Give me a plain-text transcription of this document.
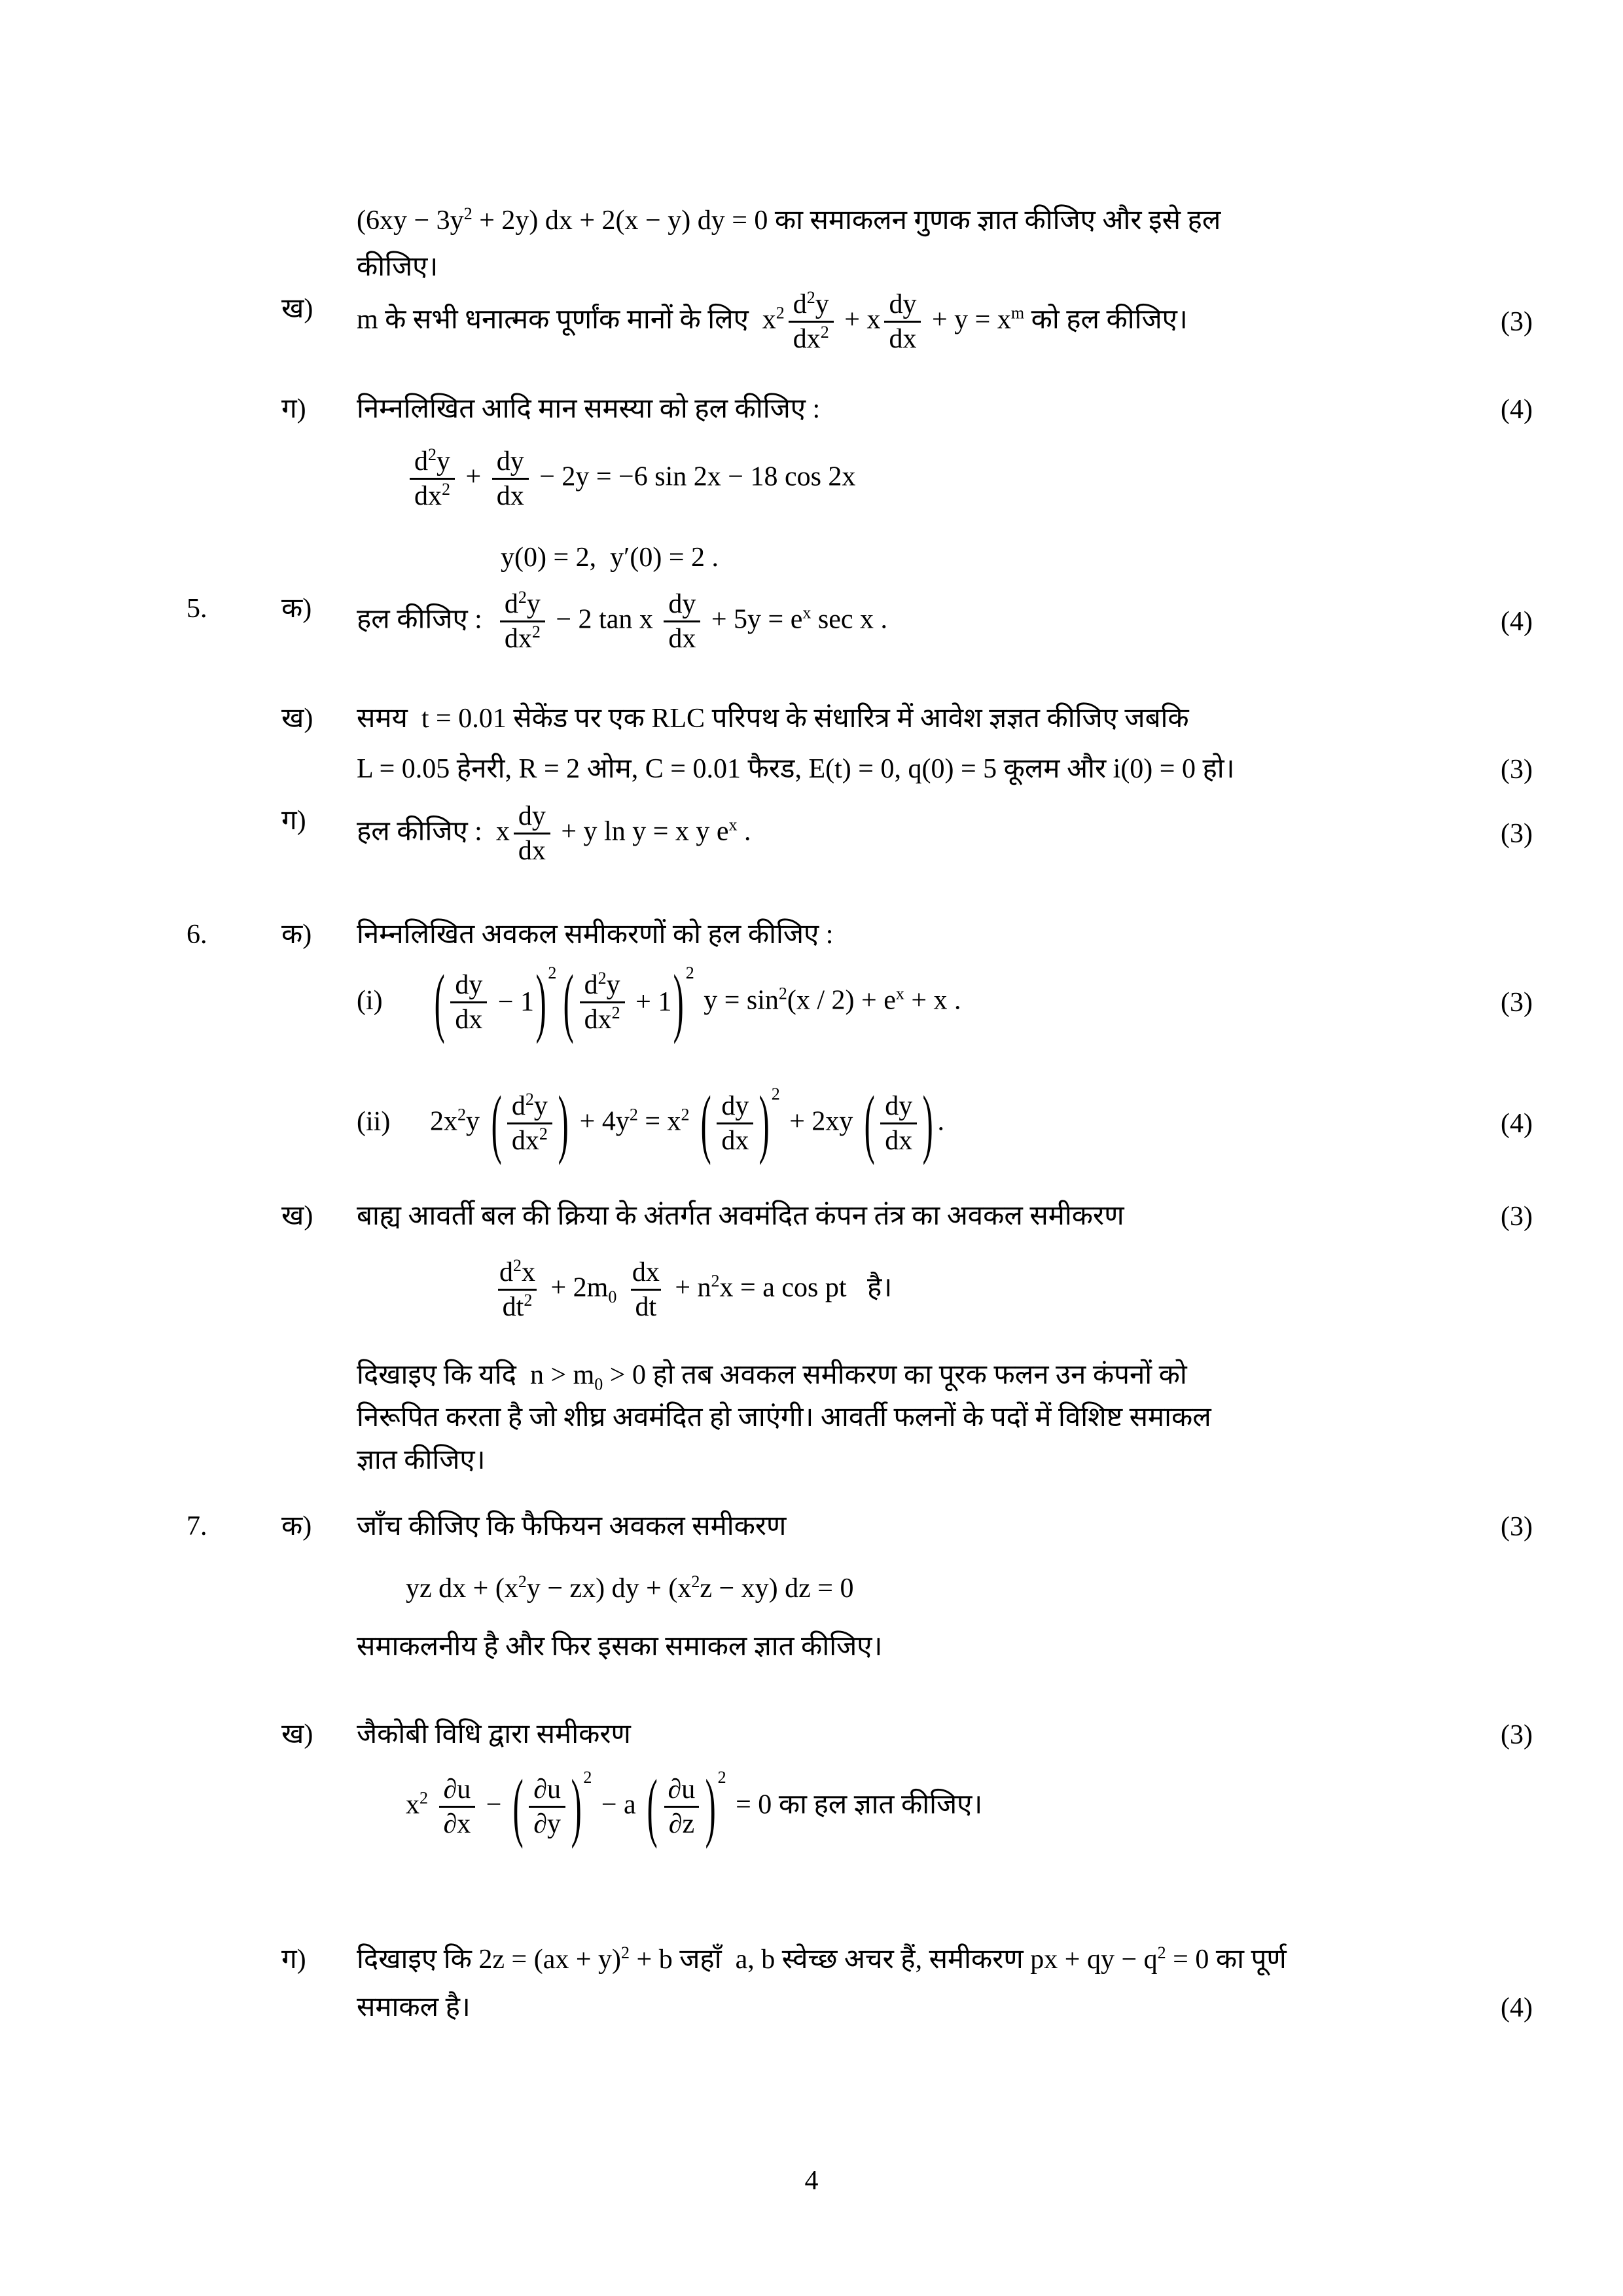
$(6xy - 3y^2 + 2y)$ dx + 2(x − y) dy = 0 का समाकलन गुणक ज्ञात कीजिए और इसे हल
कीजिए।
ख)	m के सभी धनात्मक पूर्णांक मानों के लिए  $x^2 \frac{d^2y}{dx^2} + x \frac{dy}{dx} + y = x^m$ को हल कीजिए।	(3)
ग)	निम्नलिखित आदि मान समस्या को हल कीजिए :	(4)
$\frac{d^2y}{dx^2} + \frac{dy}{dx} - 2y = -6$ sin 2x − 18 cos 2x
y(0) = 2,  y′(0) = 2 .
5.	क)	हल कीजिए : $\frac{d^2y}{dx^2} - 2$ tan x $\frac{dy}{dx} + 5y = e^x$ sec x .	(4)
ख)	समय  t = 0.01 सेकेंड पर एक RLC परिपथ के संधारित्र में आवेश ज्ञज्ञत कीजिए जबकि
L = 0.05 हेनरी, R = 2 ओम, C = 0.01 फैरड, E(t) = 0, q(0) = 5 कूलम और i(0) = 0 हो।	(3)
ग)	हल कीजिए :  x $\frac{dy}{dx} + y$ ln y = x y $e^x$ .	(3)
6.	क)	निम्नलिखित अवकल समीकरणों को हल कीजिए :
(i) ( $\frac{dy}{dx} - 1$ ) 2 ( $\frac{d^2y}{dx^2} + 1$ ) 2
$y = \sin^2(x / 2) + e^x + x$ .	(3)
(ii) $2x^2y$ ( $\frac{d^2y}{dx^2}$ ) + $4y^2 = x^2$ ( $\frac{dy}{dx}$ ) 2
+ 2xy ( $\frac{dy}{dx}$ ) .	(4)
ख)	बाह्य आवर्ती बल की क्रिया के अंतर्गत अवमंदित कंपन तंत्र का अवकल समीकरण	(3)
$\frac{d^2x}{dt^2} + 2m_0 \frac{dx}{dt} + n^2x = a$ cos pt   है।
दिखाइए कि यदि  $n > m_0 > 0$ हो तब अवकल समीकरण का पूरक फलन उन कंपनों को
निरूपित करता है जो शीघ्र अवमंदित हो जाएंगी। आवर्ती फलनों के पदों में विशिष्ट समाकल
ज्ञात कीजिए।
7.	क)	जाँच कीजिए कि फैफियन अवकल समीकरण	(3)
yz dx + $(x^2y - zx)$ dy + $(x^2z - xy)$ dz = 0
समाकलनीय है और फिर इसका समाकल ज्ञात कीजिए।
ख)	जैकोबी विधि द्वारा समीकरण	(3)
$x^2 \frac{\partial u}{\partial x}$ − ( $\frac{\partial u}{\partial y}$ ) 2
− a ( $\frac{\partial u}{\partial z}$ ) 2
= 0 का हल ज्ञात कीजिए।
ग)	दिखाइए कि 2z = (ax + y)$^2$ + b जहाँ  a, b स्वेच्छ अचर हैं, समीकरण px + qy − $q^2 = 0$ का पूर्ण
समाकल है।	(4)
4
